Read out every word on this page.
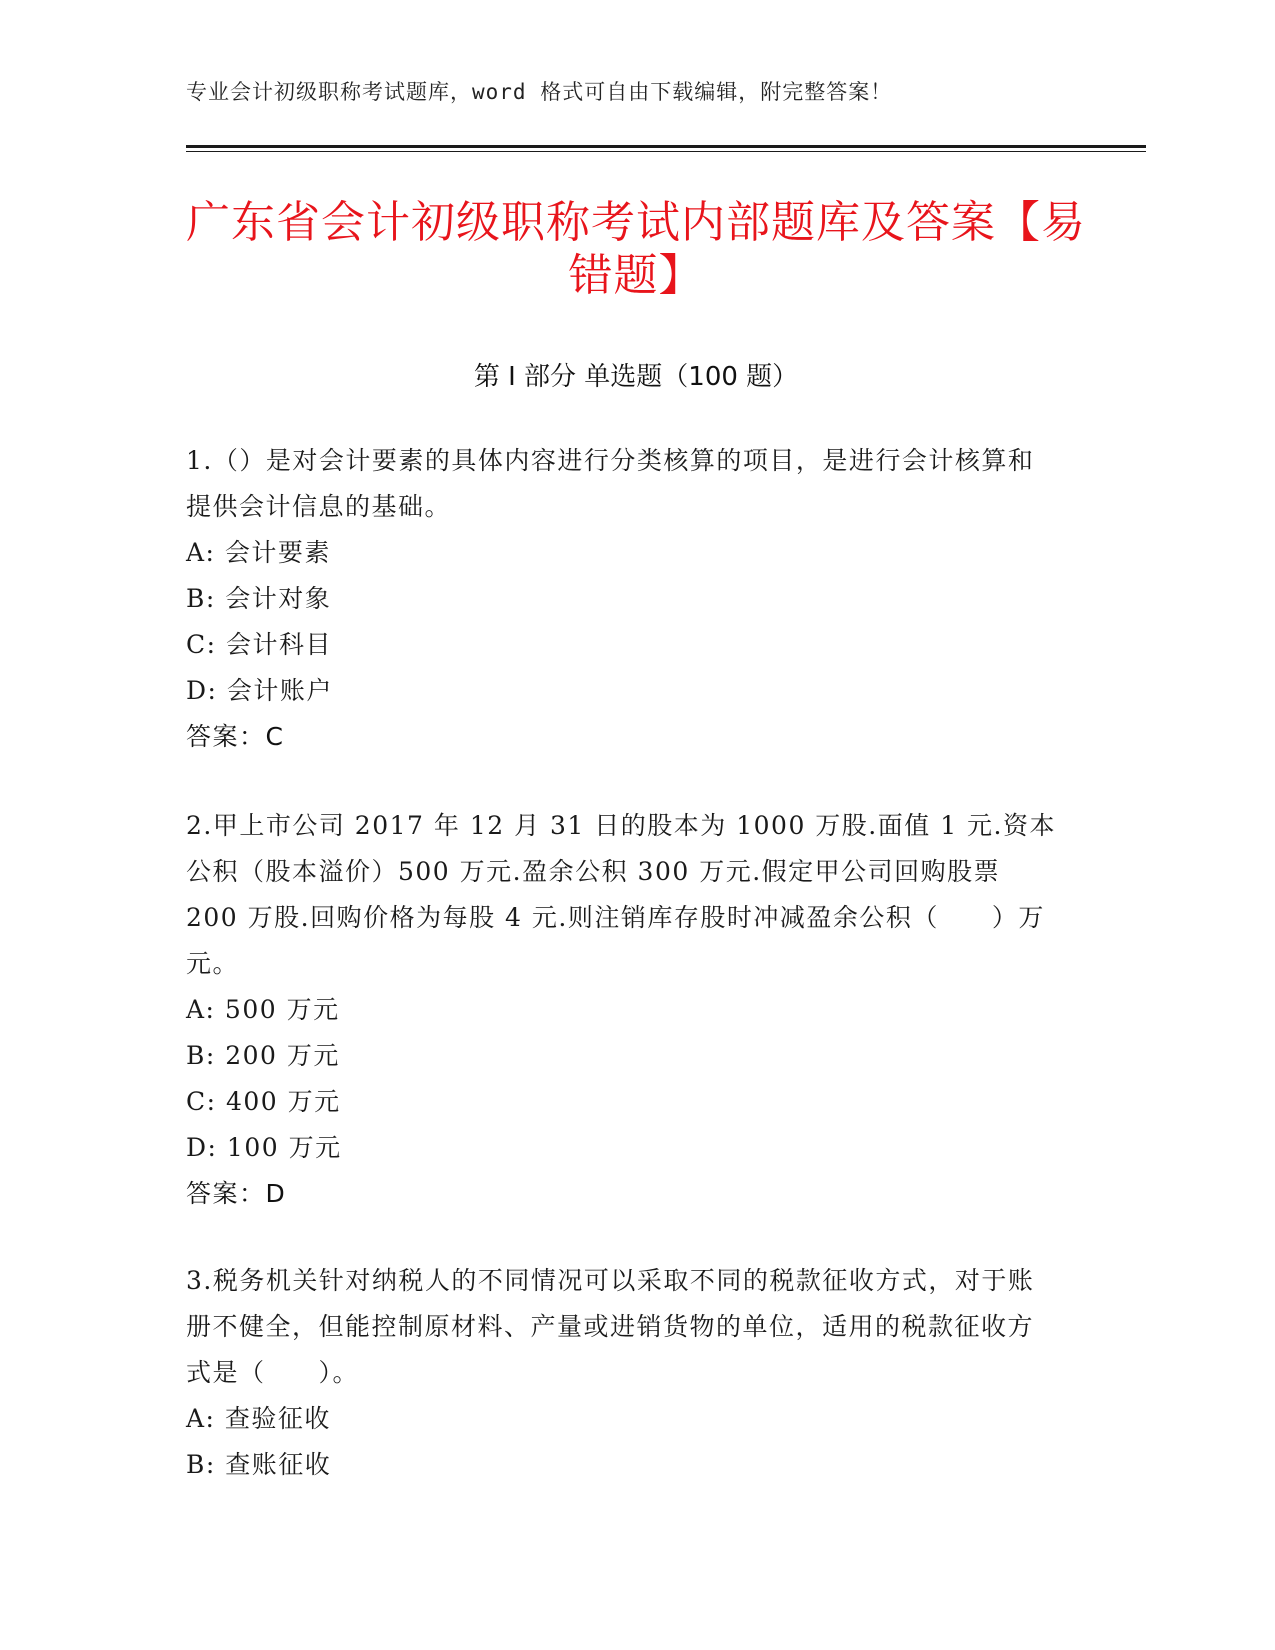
专业会计初级职称考试题库，word 格式可自由下载编辑，附完整答案！
广东省会计初级职称考试内部题库及答案【易错题】
第 I 部分 单选题（100 题）

1.（）是对会计要素的具体内容进行分类核算的项目，是进行会计核算和提供会计信息的基础。

A: 会计要素

B: 会计对象

C: 会计科目

D: 会计账户

答案：C

2.甲上市公司 2017 年 12 月 31 日的股本为 1000 万股.面值 1 元.资本公积（股本溢价）500 万元.盈余公积 300 万元.假定甲公司回购股票 200 万股.回购价格为每股 4 元.则注销库存股时冲减盈余公积（　　）万元。

A: 500 万元

B: 200 万元

C: 400 万元

D: 100 万元

答案：D

3.税务机关针对纳税人的不同情况可以采取不同的税款征收方式，对于账册不健全，但能控制原材料、产量或进销货物的单位，适用的税款征收方式是（　　）。

A: 查验征收

B: 查账征收
